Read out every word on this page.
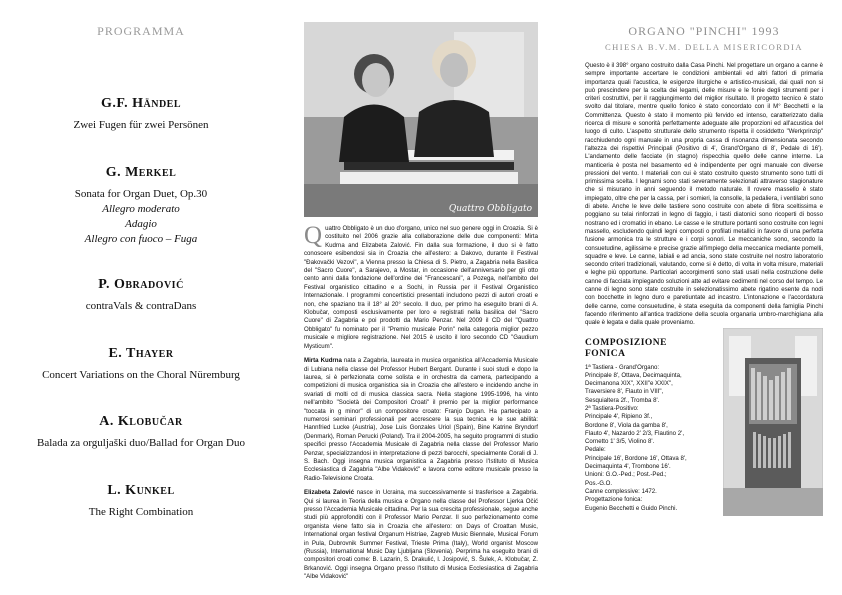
PROGRAMMA
G.F. Händel
Zwei Fugen für zwei Persönen
G. Merkel
Sonata for Organ Duet, Op.30
Allegro moderato
Adagio
Allegro con fuoco – Fuga
P. Obradović
contraVals & contraDans
E. Thayer
Concert Variations on the Choral Nüremburg
A. Klobučar
Balada za orguljaški duo/Ballad for Organ Duo
L. Kunkel
The Right Combination
Quattro Obbligato

Q uattro Obbligato è un duo d'organo, unico nel suo genere oggi in Croazia. Si è costituito nel 2006 grazie alla collaborazione delle due componenti: Mirta Kudrna and Elizabeta Zalović. Fin dalla sua formazione, il duo si è fatto conoscere esibendosi sia in Croazia che all'estero: a Dakovo, durante il Festival "Đakovački Vezovi", a Vienna presso la Chiesa di S. Pietro, a Zagabria nella Basilica del "Sacro Cuore", a Sarajevo, a Mostar, in occasione dell'anniversario per gli otto cento anni dalla fondazione dell'ordine dei "Francescani", a Pozega, nell'ambito del Festival organistico cittadino e a Sochi, in Russia per il Festival Organistico Internazionale. I programmi concertistici presentati includono pezzi di autori croati e non, che spaziano tra il 18° al 20° secolo. Il duo, per primo ha eseguito brani di A. Klobučar, composti esclusivamente per loro e registrati nella basilica del "Sacro Cuore" di Zagabria e poi prodotti da Mario Penzar. Nel 2009 il CD del "Quattro Obbligato" fu nominato per il "Premio musicale Porin" nella categoria miglior pezzo musicale e migliore registrazione. Nel 2015 è uscito il loro secondo CD "Gaudium Mysticum".

Mirta Kudrna nata a Zagabria, laureata in musica organistica all'Accademia Musicale di Lubiana nella classe del Professor Hubert Bergant. Durante i suoi studi e dopo la laurea, si è perfezionata come solista e in orchestra da camera, partecipando a competizioni di musica organistica sia in Croazia che all'estero e incidendo anche in svariati di molti cd di musica classica sacra. Nella stagione 1995-1996, ha vinto nell'ambito "Società dei Compositori Croati" il premio per la miglior performance "toccata in g minor" di un compositore croato: Franjo Dugan. Ha partecipato a numerosi seminari professionali per accrescere la sua tecnica e le sue abilità: Hannfried Lucke (Austria), Jose Luis Gonzales Uriol (Spain), Bine Katrine Bryndorf (Denmark), Roman Perucki (Poland). Tra il 2004-2005, ha seguito programmi di studio specifici presso l'Accademia Musicale di Zagabria nella classe del Professor Mario Penzar, specializzandosi in interpretazione di pezzi barocchi, specialmente Corali di J. S. Bach. Oggi insegna musica organistica a Zagabria presso l'Istituto di Musica Ecclesiastica di Zagabria "Albe Vidaković" e lavora come editore musicale presso la Radio-Televisione Croata.

Elizabeta Zalović nasce in Ucraina, ma successivamente si trasferisce a Zagabria. Qui si laurea in Teoria della musica e Organo nella classe del Professor Ljerka Očić presso l'Accademia Musicale cittadina. Per la sua crescita professionale, segue anche studi più approfonditi con il Professor Mario Penzar. Il suo perfezionamento come organista viene fatto sia in Croazia che all'estero: on Days of Croattan Music, International organ festival Organum Histriae, Zagreb Music Biennale, Musical Forum in Pula, Dubrovnik Summer Festival, Trieste Prima (Italy), World organist Moscow (Russia), International Music Day Ljubljana (Slovenia). Perprima ha eseguito brani di compositori croati come: B. Lazarin, S. Drakulić, I. Josipović, S. Šulek, A. Klobučar, Z. Brkanović. Oggi insegna Organo presso l'Istituto di Musica Ecclesiastica di Zagabria "Albe Vidaković"

ORGANO "PINCHI" 1993
CHIESA B.V.M. DELLA MISERICORDIA
Questo è il 398° organo costruito dalla Casa Pinchi. Nel progettare un organo a canne è sempre importante accertare le condizioni ambientali ed altri fattori di primaria importanza quali l'acustica, le esigenze liturgiche e artistico-musicali, dai quali non si può prescindere per la scelta dei legami, delle misure e le fonie degli strumenti per i criteri costruttivi, per il raggiungimento del miglior risultato. Il progetto tecnico è stato svolto dal titolare, mentre quello fonico è stato concordato con il M° Becchetti e la Committenza. Questo è stato il momento più fervido ed intenso, caratterizzato dalla ricerca di misure e sonorità perfettamente adeguate alle proporzioni ed all'acustica del luogo di culto. L'aspetto strutturale dello strumento rispetta il cosiddetto "Werkprinzip" racchiudendo ogni manuale in una propria cassa di risonanza dimensionata secondo l'altezza dei rispettivi Principali (Positivo di 4', Grand'Organo di 8', Pedale di 16'). L'andamento delle facciate (in stagno) rispecchia quello delle canne interne. La manticeria è posta nel basamento ed è indipendente per ogni manuale con diverse pressioni del vento. I materiali con cui è stato costruito questo strumento sono tutti di primissima scelta. I legnami sono stati severamente selezionati attraverso stagionature che si misurano in anni seguendo il metodo naturale. Il rovere massello è stato impiegato, oltre che per la cassa, per i somieri, la consolle, la pedaliera, i ventilabri sono di abete. Anche le leve delle tastiere sono costruite con abete di fibra sceltissima e poggiano su telai rinforzati in legno di faggio, i tasti diatonici sono ricoperti di bosso nostrano ed i cromatici in ebano. Le casse e le strutture portanti sono costruite con legni massello, escludendo quindi legni composti o profilati metallici in favore di una perfetta fusione armonica tra le strutture e i corpi sonori. Le meccaniche sono, secondo la consuetudine, agilissime e precise grazie all'impiego della meccanica mediante pomelli, squadre e leve. Le canne, labiali e ad ancia, sono state costruite nel nostro laboratorio secondo criteri tradizionali, valutando, come si è detto, di volta in volta misure, materiali e leghe più opportune. Particolari accorgimenti sono stati usati nella costruzione delle canne di facciata impiegando soluzioni atte ad evitare cedimenti nel corso del tempo. Le canne di legno sono state costruite in selezionatissimo abete rigatino esente da nodi con bocchette in legno duro e paretiuntate ad incastro. L'intonazione e l'accordatura delle canne, come consuetudine, è stata eseguita da componenti della famiglia Pinchi facendo riferimento all'antica tradizione della scuola organaria umbro-marchigiana alla quale è legata e dalla quale proveniamo.
COMPOSIZIONE
FONICA
1ª Tastiera - Grand'Organo:
Principale 8', Ottava, Decimaquinta,
Decimanona XIX", XXII"e XXIX",
Traversiere 8', Flauto in VIII",
Sesquialtera 2f., Tromba 8'.
2ª Tastiera-Positivo:
Principale 4', Ripieno 3f.,
Bordone 8', Viola da gamba 8',
Flauto 4', Nazardo 2' 2/3, Flautino 2',
Cornetto 1' 3/5, Violino 8'.
Pedale:
Principale 16', Bordone 16', Ottava 8',
Decimaquinta 4', Trombone 16'.
Unioni: G.O.-Ped.; Post.-Ped.;
Pos.-G.O.
Canne complessive: 1472.
Progettazione fonica:
Eugenio Becchetti e Guido Pinchi.
